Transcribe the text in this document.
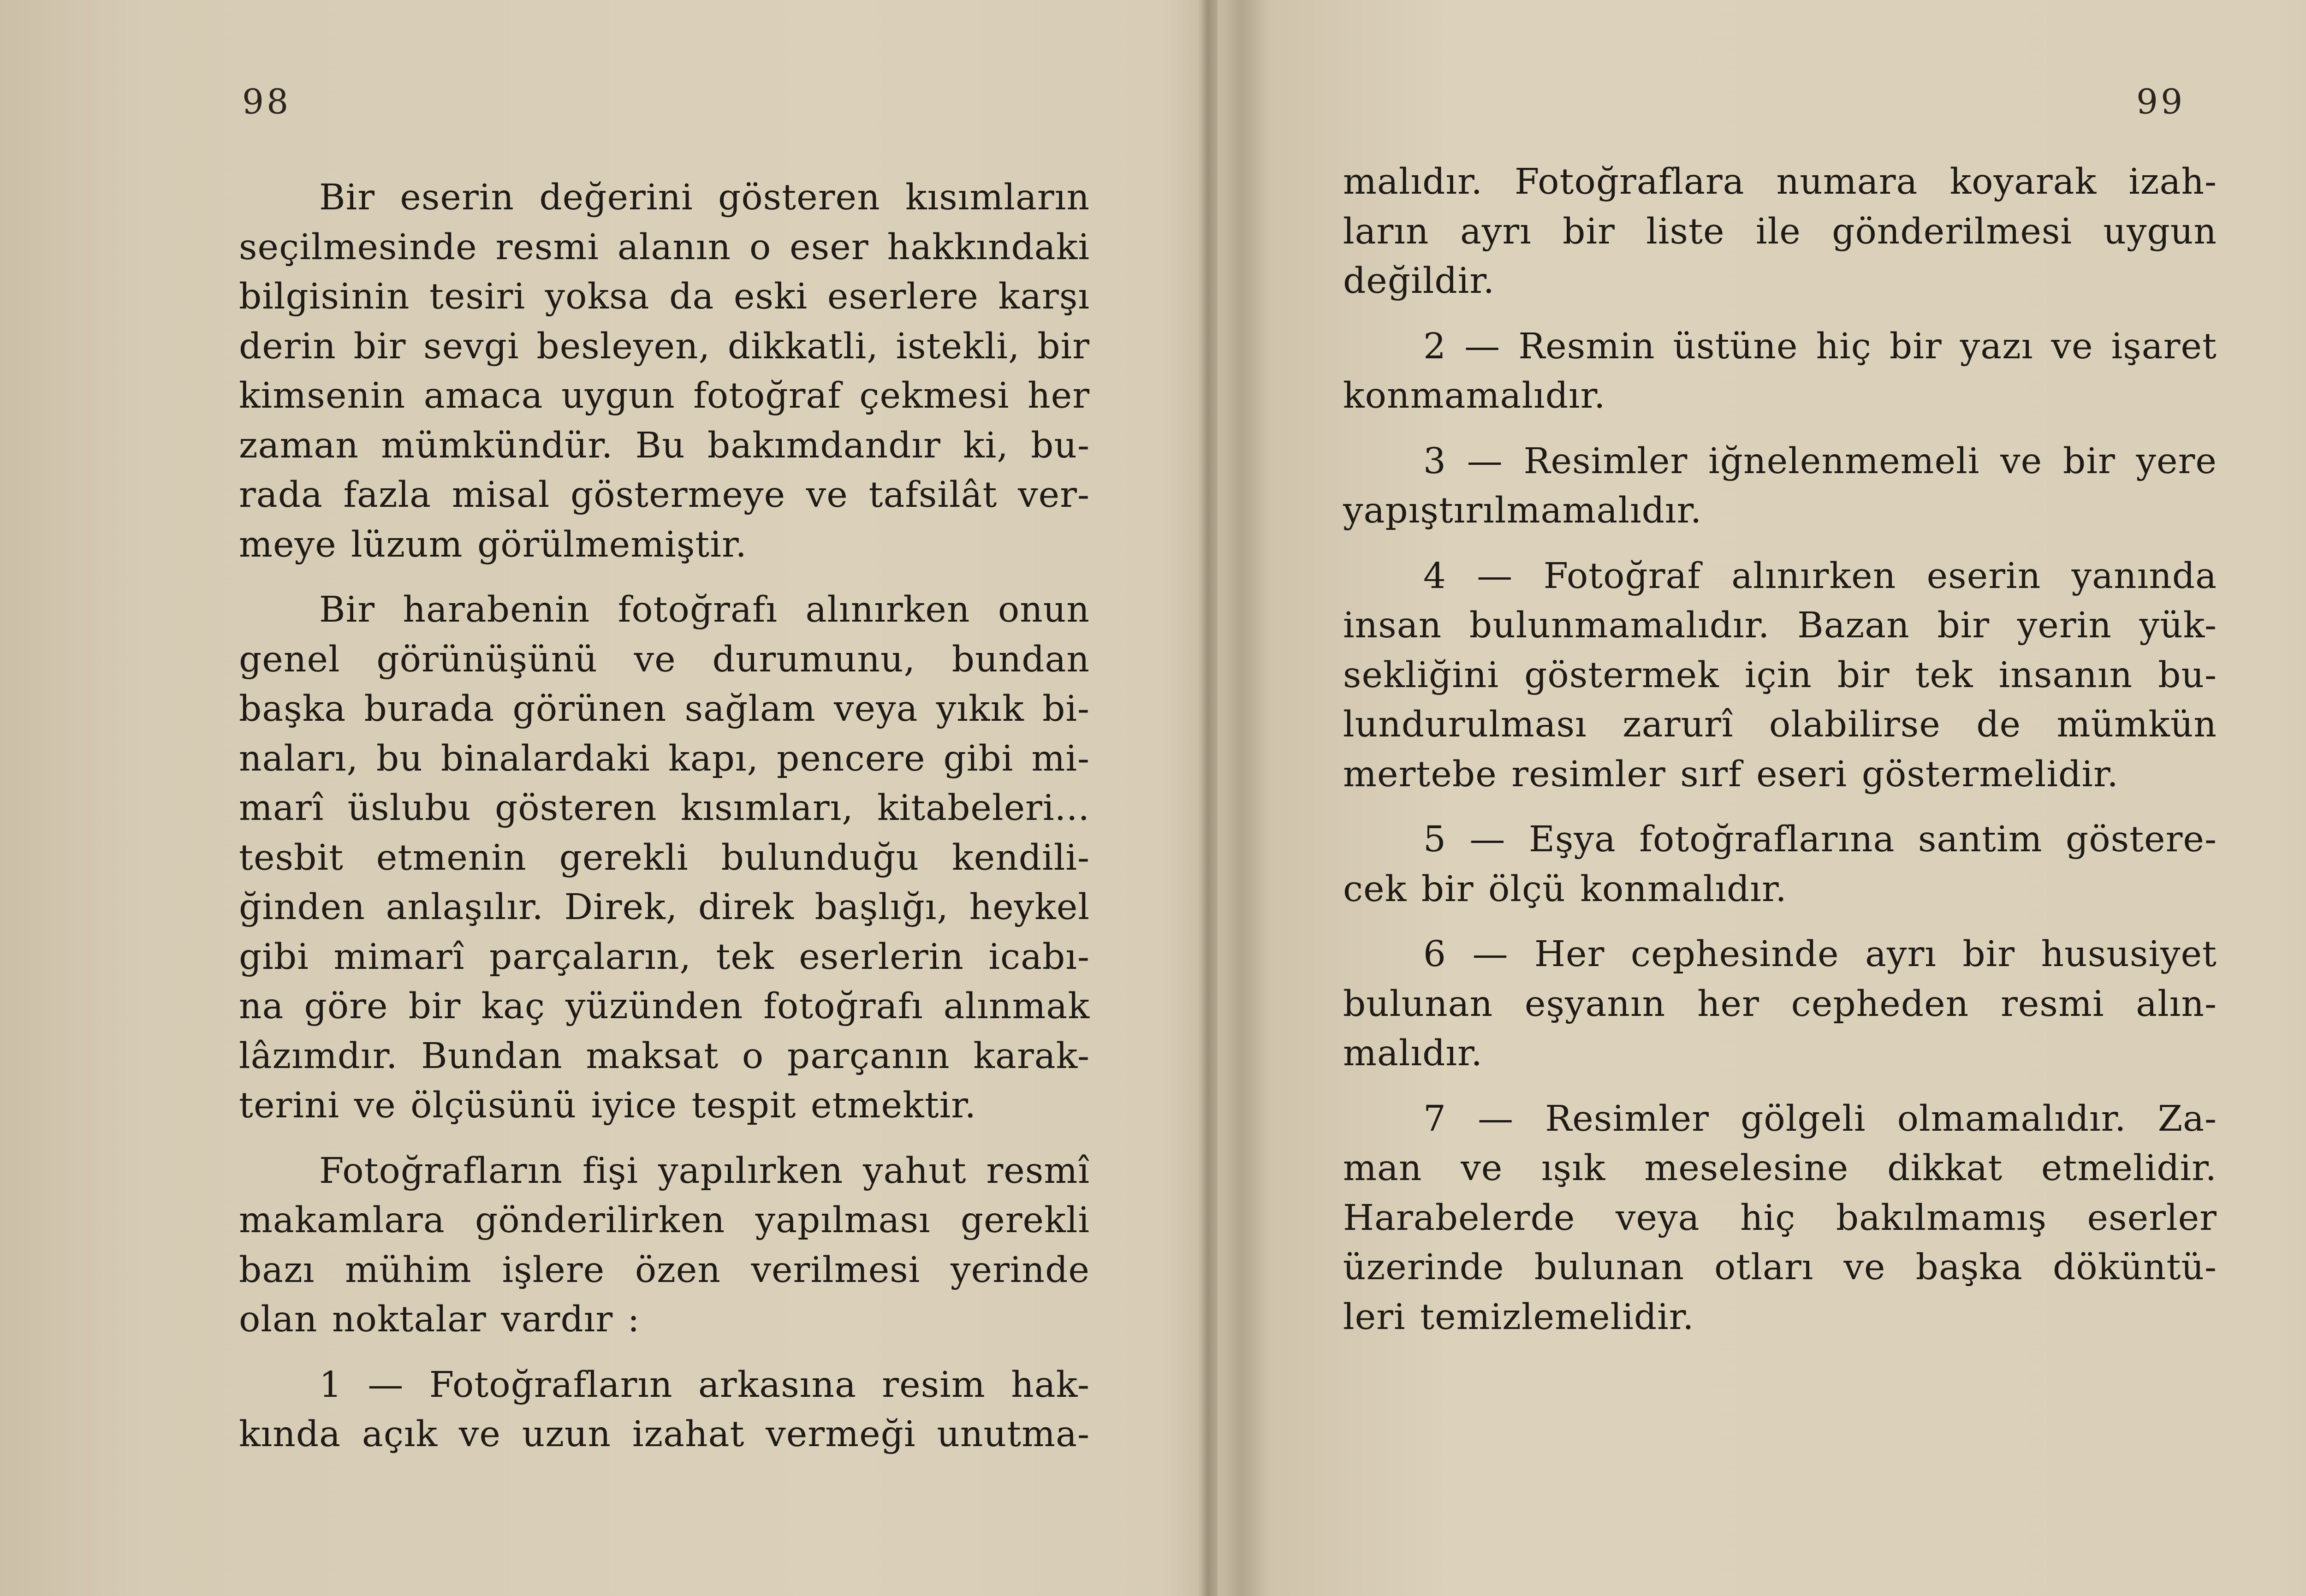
98
Bir eserin değerini gösteren kısımların
seçilmesinde resmi alanın o eser hakkındaki
bilgisinin tesiri yoksa da eski eserlere karşı
derin bir sevgi besleyen, dikkatli, istekli, bir
kimsenin amaca uygun fotoğraf çekmesi her
zaman mümkündür. Bu bakımdandır ki, bu-
rada fazla misal göstermeye ve tafsilât ver-
meye lüzum görülmemiştir.
Bir harabenin fotoğrafı alınırken onun
genel görünüşünü ve durumunu, bundan
başka burada görünen sağlam veya yıkık bi-
naları, bu binalardaki kapı, pencere gibi mi-
marî üslubu gösteren kısımları, kitabeleri...
tesbit etmenin gerekli bulunduğu kendili-
ğinden anlaşılır. Direk, direk başlığı, heykel
gibi mimarî parçaların, tek eserlerin icabı-
na göre bir kaç yüzünden fotoğrafı alınmak
lâzımdır. Bundan maksat o parçanın karak-
terini ve ölçüsünü iyice tespit etmektir.
Fotoğrafların fişi yapılırken yahut resmî
makamlara gönderilirken yapılması gerekli
bazı mühim işlere özen verilmesi yerinde
olan noktalar vardır :
1 — Fotoğrafların arkasına resim hak-
kında açık ve uzun izahat vermeği unutma-
99
malıdır. Fotoğraflara numara koyarak izah-
ların ayrı bir liste ile gönderilmesi uygun
değildir.
2 — Resmin üstüne hiç bir yazı ve işaret
konmamalıdır.
3 — Resimler iğnelenmemeli ve bir yere
yapıştırılmamalıdır.
4 — Fotoğraf alınırken eserin yanında
insan bulunmamalıdır. Bazan bir yerin yük-
sekliğini göstermek için bir tek insanın bu-
lundurulması zarurî olabilirse de mümkün
mertebe resimler sırf eseri göstermelidir.
5 — Eşya fotoğraflarına santim göstere-
cek bir ölçü konmalıdır.
6 — Her cephesinde ayrı bir hususiyet
bulunan eşyanın her cepheden resmi alın-
malıdır.
7 — Resimler gölgeli olmamalıdır. Za-
man ve ışık meselesine dikkat etmelidir.
Harabelerde veya hiç bakılmamış eserler
üzerinde bulunan otları ve başka döküntü-
leri temizlemelidir.
